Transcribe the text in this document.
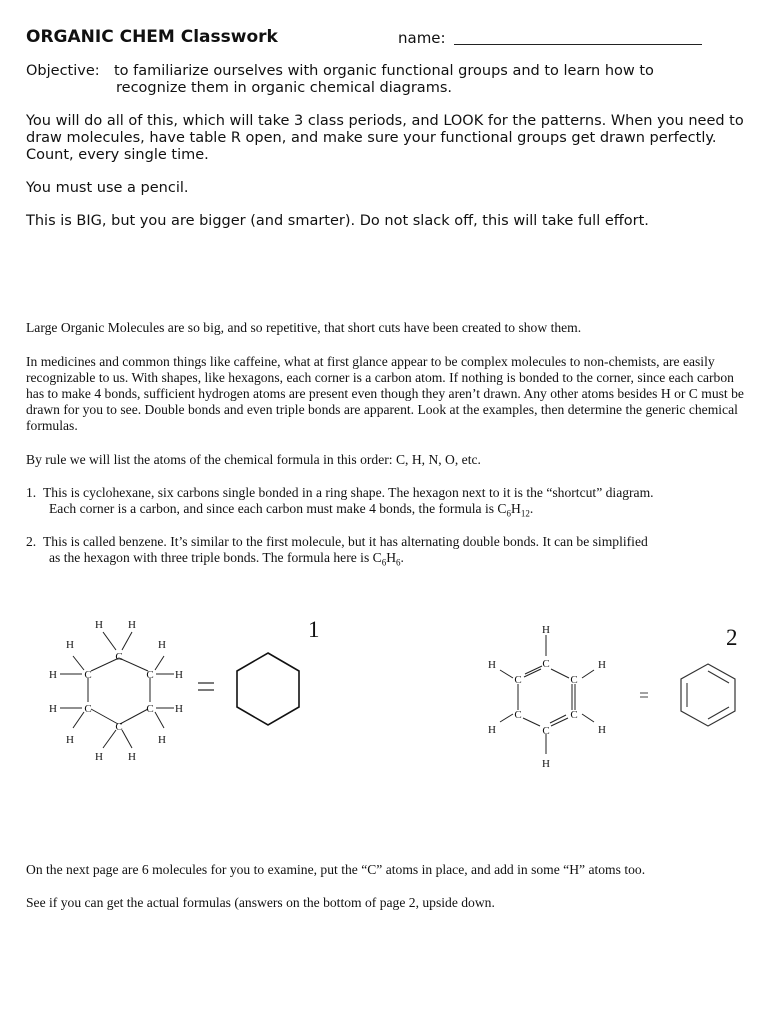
ORGANIC CHEM Classwork	name:
Objective: to familiarize ourselves with organic functional groups and to learn how to
recognize them in organic chemical diagrams.
You will do all of this, which will take 3 class periods, and LOOK for the patterns. When you need to draw molecules, have table R open, and make sure your functional groups get drawn perfectly. Count, every single time.
You must use a pencil.
This is BIG, but you are bigger (and smarter). Do not slack off, this will take full effort.
Large Organic Molecules are so big, and so repetitive, that short cuts have been created to show them.
In medicines and common things like caffeine, what at first glance appear to be complex molecules to non-chemists, are easily recognizable to us. With shapes, like hexagons, each corner is a carbon atom. If nothing is bonded to the corner, since each carbon has to make 4 bonds, sufficient hydrogen atoms are present even though they aren’t drawn. Any other atoms besides H or C must be drawn for you to see. Double bonds and even triple bonds are apparent. Look at the examples, then determine the generic chemical formulas.
By rule we will list the atoms of the chemical formula in this order: C, H, N, O, etc.
1. This is cyclohexane, six carbons single bonded in a ring shape. The hexagon next to it is the “shortcut” diagram.
Each corner is a carbon, and since each carbon must make 4 bonds, the formula is $C_6H_{12}$.
2. This is called benzene. It’s similar to the first molecule, but it has alternating double bonds. It can be simplified
as the hexagon with three triple bonds. The formula here is $C_6H_6$.
1	2
C
C	C
C	C
C
H H
H	H
H	H
H	H
H	H
H H
H
C
C	C
C	C
C
H	H
H	H
H
On the next page are 6 molecules for you to examine, put the “C” atoms in place, and add in some “H” atoms too.
See if you can get the actual formulas (answers on the bottom of page 2, upside down.
